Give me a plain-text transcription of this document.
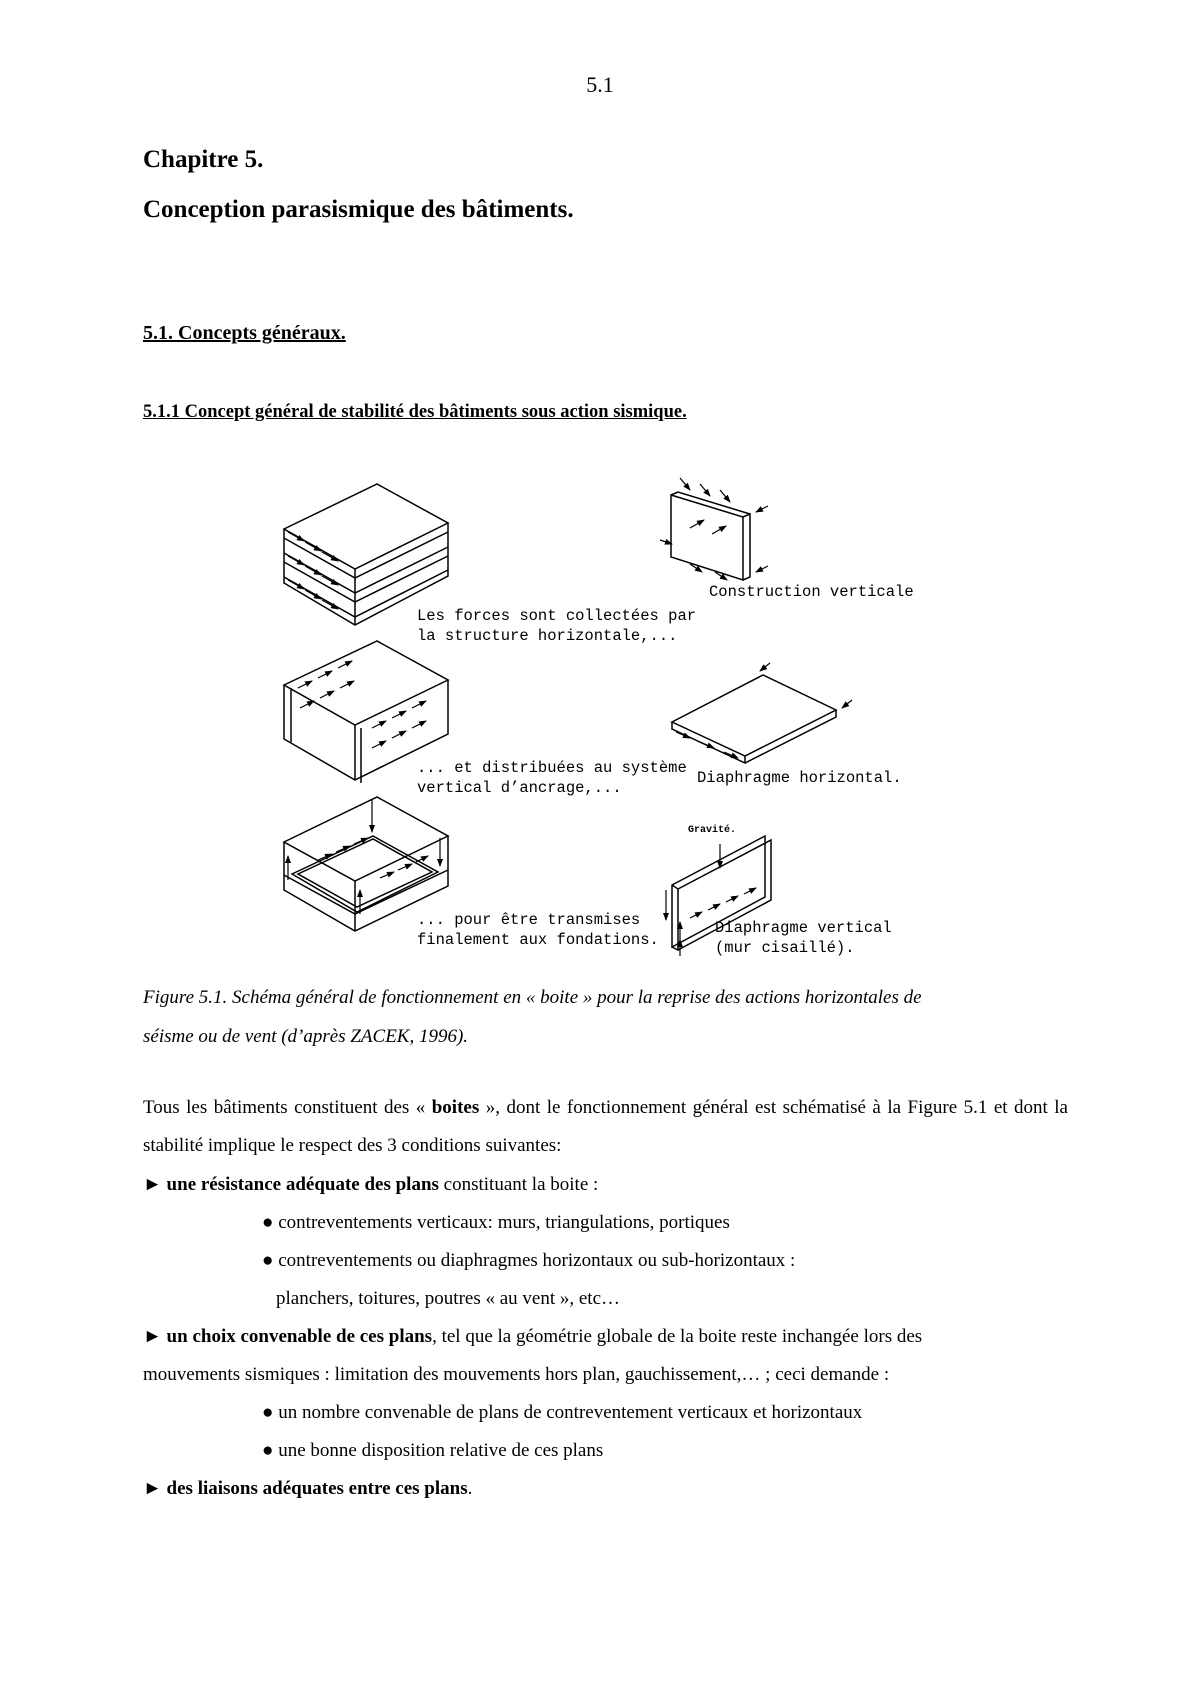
5.1
Chapitre 5.
Conception parasismique des bâtiments.
5.1. Concepts généraux.
5.1.1 Concept général de stabilité des bâtiments sous action sismique.
Les forces sont collectées par
la structure horizontale,...
... et distribuées au système
vertical d’ancrage,...
... pour être transmises
finalement aux fondations.
Construction verticale
Diaphragme horizontal.
Gravité.
Diaphragme vertical
(mur cisaillé).
Figure 5.1. Schéma général de fonctionnement en « boite » pour la reprise des actions horizontales de
séisme ou de vent (d’après ZACEK, 1996).
Tous les bâtiments constituent des « boites », dont le fonctionnement général est schématisé à la Figure 5.1 et dont la stabilité implique le respect des 3 conditions suivantes:
► une résistance adéquate des plans constituant la boite :
● contreventements verticaux: murs, triangulations, portiques
● contreventements ou diaphragmes horizontaux ou sub-horizontaux :
planchers, toitures, poutres « au vent », etc…
► un choix convenable de ces plans, tel que la géométrie globale de la boite reste inchangée lors des
mouvements sismiques : limitation des mouvements hors plan, gauchissement,… ; ceci demande :
● un nombre convenable de plans de contreventement verticaux et horizontaux
● une bonne disposition relative de ces plans
► des liaisons adéquates entre ces plans.
